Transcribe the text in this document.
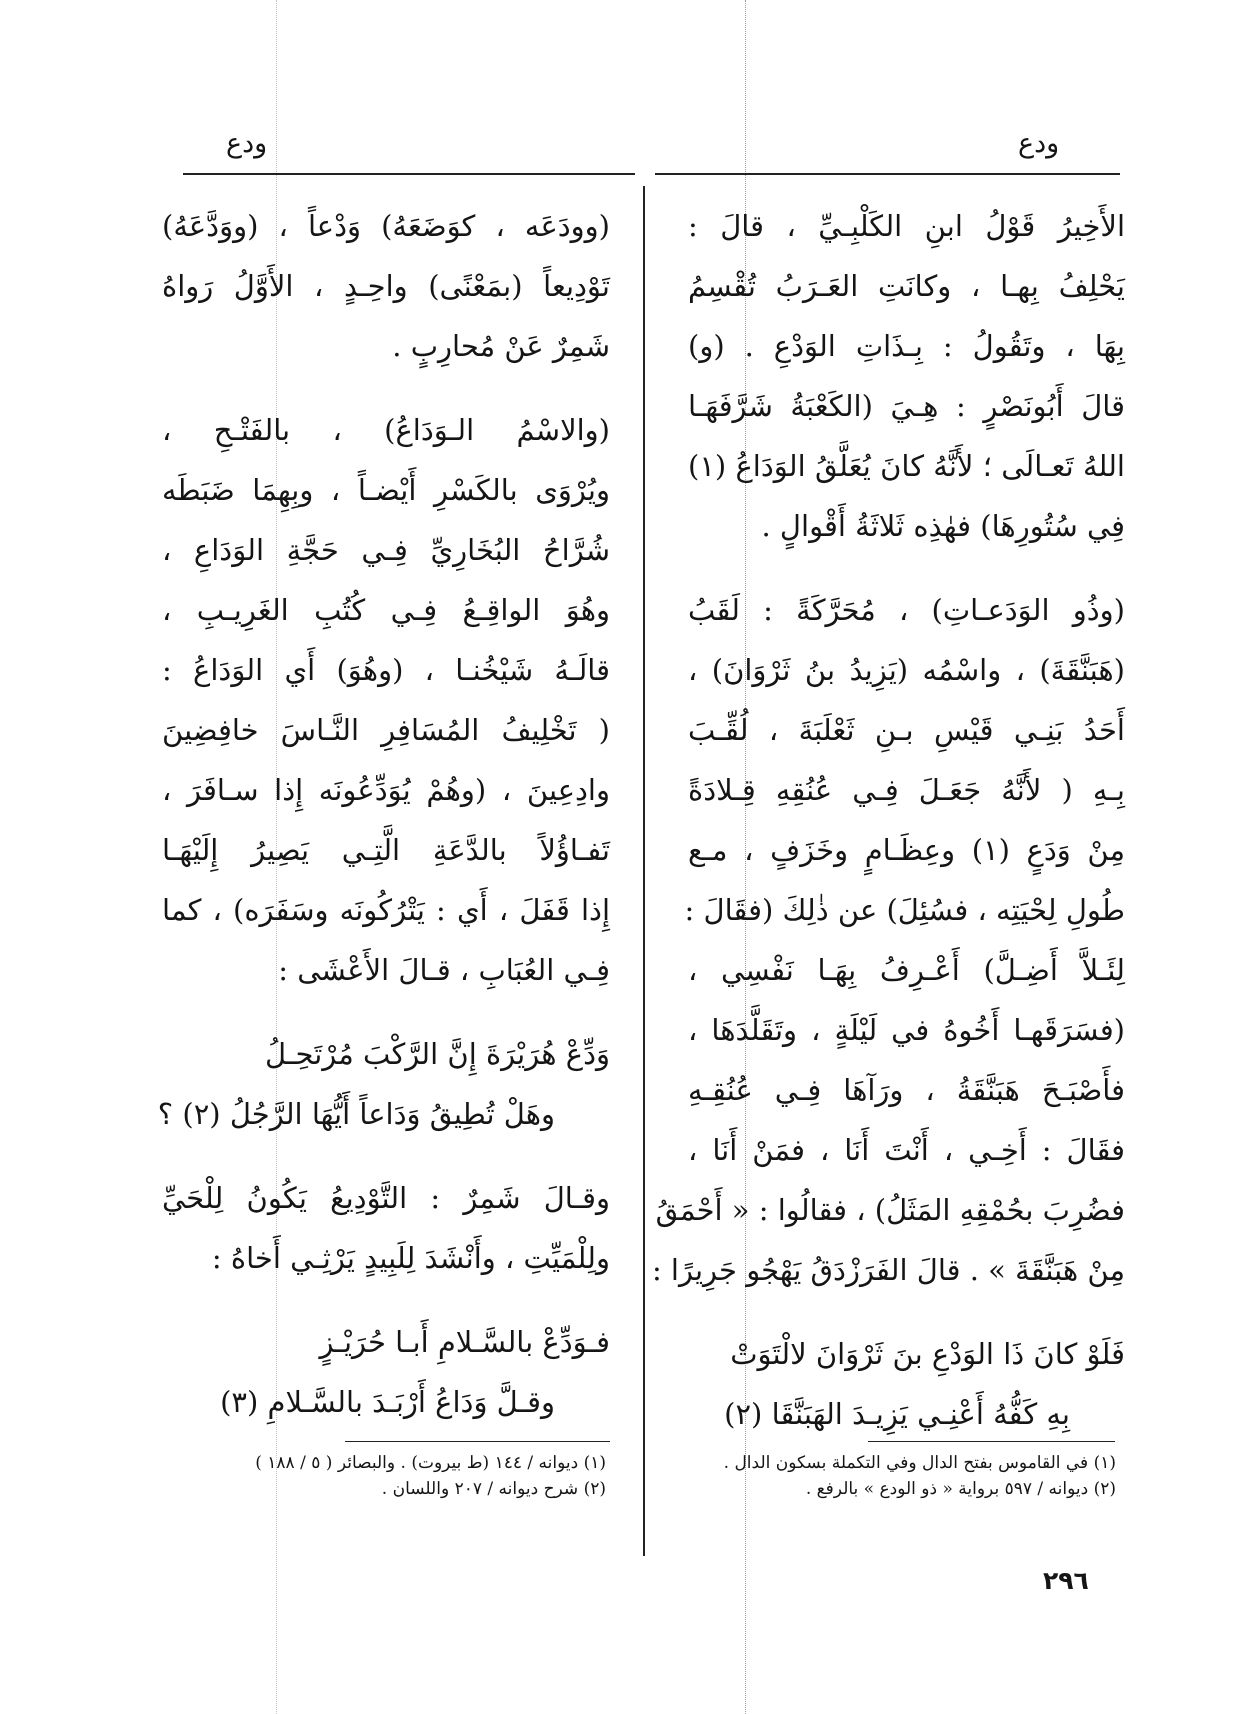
ودع
ودع
الأَخِيرُ قَوْلُ ابنِ الكَلْبِـيِّ ، قالَ :
يَحْلِفُ بِهـا ، وكانَتِ العَـرَبُ تُقْسِمُ
بِهَا ، وتَقُولُ : بِـذَاتِ الوَدْعِ . (و)
قالَ أَبُونَصْرٍ : هِـيَ (الكَعْبَةُ شَرَّفَهَـا
اللهُ تَعـالَى ؛ لأَنَّهُ كانَ يُعَلَّقُ الوَدَاعُ (١)
فِي سُتُورِهَا) فهٰذِه ثَلاثَةُ أَقْوالٍ .
(وذُو الوَدَعـاتِ) ، مُحَرَّكَةً : لَقَبُ
(هَبَنَّقَةَ) ، واسْمُه (يَزِيدُ بنُ ثَرْوَانَ) ،
أَحَدُ بَنِـي قَيْسِ بـنِ ثَعْلَبَةَ ، لُقِّـبَ
بِـهِ ( لأَنَّهُ جَعَـلَ فِـي عُنُقِهِ قِـلادَةً
مِنْ وَدَعٍ (١) وعِظَـامٍ وخَزَفٍ ، مـع
طُولِ لِحْيَتِه ، فسُئِلَ) عن ذٰلِكَ (فقَالَ :
لِئَـلاَّ أَضِـلَّ) أَعْـرِفُ بِهَـا نَفْسِي ،
(فسَرَقَهـا أَخُوهُ في لَيْلَةٍ ، وتَقَلَّدَهَا ،
فأَصْبَـحَ هَبَنَّقَةُ ، ورَآهَا فِـي عُنُقِـهِ
فقَالَ : أَخِـي ، أَنْتَ أَنَا ، فمَنْ أَنَا ،
فضُرِبَ بحُمْقِهِ المَثَلُ) ، فقالُوا : « أَحْمَقُ
مِنْ هَبَنَّقَةَ » . قالَ الفَرَزْدَقُ يَهْجُو جَرِيرًا :
فَلَوْ كانَ ذَا الوَدْعِ بنَ ثَرْوَانَ لالْتَوَتْ
بِهِ كَفُّهُ أَعْنِـي يَزِيـدَ الهَبَنَّقَا (٢)
(وودَعَه ، كوَضَعَهُ) وَدْعاً ، (ووَدَّعَهُ)
تَوْدِيعاً (بمَعْنًى) واحِـدٍ ، الأَوَّلُ رَواهُ
شَمِرٌ عَنْ مُحارِبٍ .
(والاسْمُ الـوَدَاعُ) ، بالفَتْـحِ ،
ويُرْوَى بالكَسْرِ أَيْضـاً ، وبِهِمَا ضَبَطَه
شُرَّاحُ البُخَارِيِّ فِـي حَجَّةِ الوَدَاعِ ،
وهُوَ الواقِـعُ فِـي كُتُبِ الغَرِيـبِ ،
قالَـهُ شَيْخُنـا ، (وهُوَ) أَي الوَدَاعُ :
( تَخْلِيفُ المُسَافِرِ النَّـاسَ خافِضِينَ
وادِعِينَ ، (وهُمْ يُوَدِّعُونَه إِذا سـافَرَ ،
تَفـاؤُلاً بالدَّعَةِ الَّتِـي يَصِيرُ إِلَيْهَـا
إِذا قَفَلَ ، أَي : يَتْرُكُونَه وسَفَرَه) ، كما
فِـي العُبَابِ ، قـالَ الأَعْشَى :
وَدِّعْ هُرَيْرَةَ إِنَّ الرَّكْبَ مُرْتَحِـلُ
وهَلْ تُطِيقُ وَدَاعاً أَيُّهَا الرَّجُلُ (٢) ؟
وقـالَ شَمِرٌ : التَّوْدِيعُ يَكُونُ لِلْحَيِّ
ولِلْمَيِّتِ ، وأَنْشَدَ لِلَبِيدٍ يَرْثِـي أَخاهُ :
فـوَدِّعْ بالسَّـلامِ أَبـا حُرَيْـزٍ
وقـلَّ وَدَاعُ أَرْبَـدَ بالسَّـلامِ (٣)
(١) في القاموس بفتح الدال وفي التكملة بسكون الدال .
(٢) ديوانه / ٥٩٧ برواية « ذو الودع » بالرفع .
(١) ديوانه / ١٤٤ (ط بيروت) . والبصائر ( ٥ / ١٨٨ )
(٢) شرح ديوانه / ٢٠٧ واللسان .
٢٩٦
